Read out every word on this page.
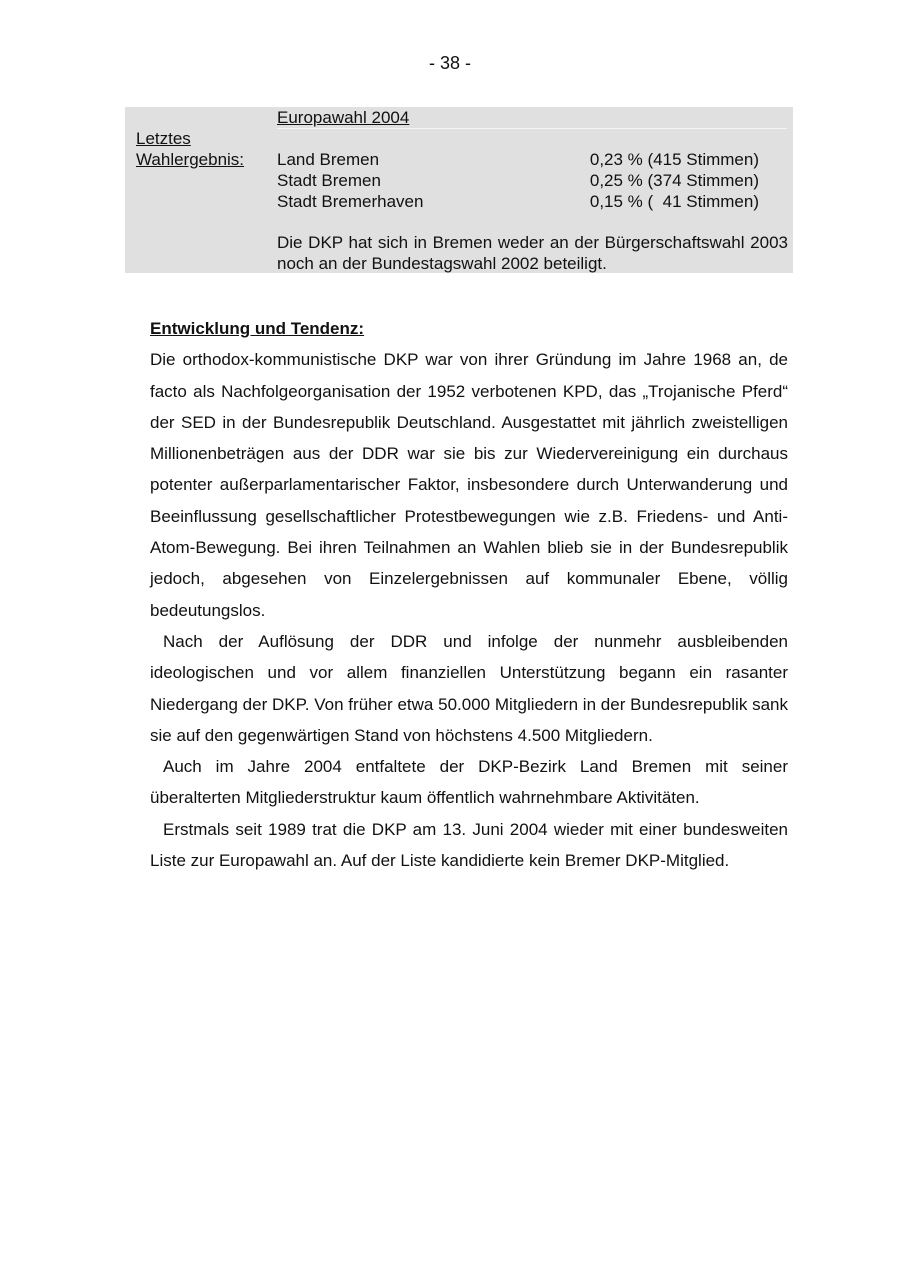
- 38 -
Europawahl 2004
Letztes
Wahlergebnis: Land Bremen	0,23 % (415 Stimmen)
Stadt Bremen	0,25 % (374 Stimmen)
Stadt Bremerhaven	0,15 % (  41 Stimmen)
Die DKP hat sich in Bremen weder an der Bürgerschaftswahl 2003 noch an der Bundestagswahl 2002 beteiligt.
Entwicklung und Tendenz:

Die orthodox-kommunistische DKP war von ihrer Gründung im Jahre 1968 an, de facto als Nachfolgeorganisation der 1952 verbotenen KPD, das „Trojanische Pferd“ der SED in der Bundesrepublik Deutschland. Ausgestattet mit jährlich zweistelligen Millionenbeträgen aus der DDR war sie bis zur Wiedervereinigung ein durchaus potenter außerparlamentarischer Faktor, insbesondere durch Unterwanderung und Beeinflussung gesellschaftlicher Protestbewegungen wie z.B. Friedens- und Anti-Atom-Bewegung. Bei ihren Teilnahmen an Wahlen blieb sie in der Bundesrepublik jedoch, abgesehen von Einzelergebnissen auf kommunaler Ebene, völlig bedeutungslos.

Nach der Auflösung der DDR und infolge der nunmehr ausbleibenden ideologischen und vor allem finanziellen Unterstützung begann ein rasanter Niedergang der DKP. Von früher etwa 50.000 Mitgliedern in der Bundesrepublik sank sie auf den gegenwärtigen Stand von höchstens 4.500 Mitgliedern.

Auch im Jahre 2004 entfaltete der DKP-Bezirk Land Bremen mit seiner überalterten Mitgliederstruktur kaum öffentlich wahrnehmbare Aktivitäten.

Erstmals seit 1989 trat die DKP am 13. Juni 2004 wieder mit einer bundesweiten Liste zur Europawahl an. Auf der Liste kandidierte kein Bremer DKP-Mitglied.
